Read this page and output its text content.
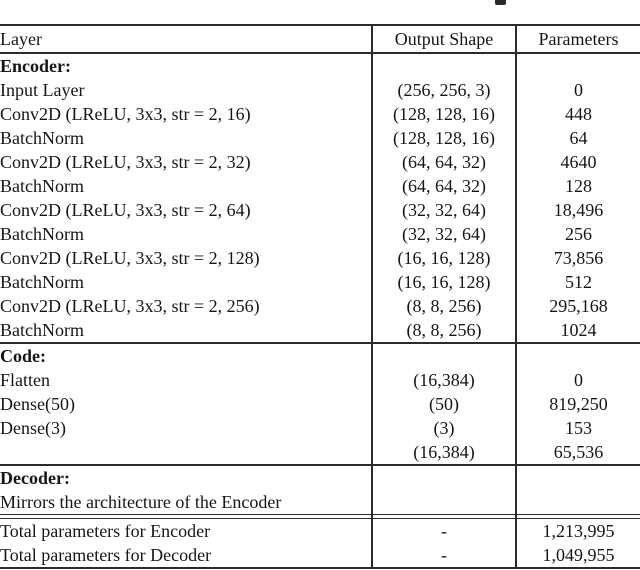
Layer	Output Shape	Parameters
Encoder:		
Input Layer	(256, 256, 3)	0
Conv2D (LReLU, 3x3, str = 2, 16)	(128, 128, 16)	448
BatchNorm	(128, 128, 16)	64
Conv2D (LReLU, 3x3, str = 2, 32)	(64, 64, 32)	4640
BatchNorm	(64, 64, 32)	128
Conv2D (LReLU, 3x3, str = 2, 64)	(32, 32, 64)	18,496
BatchNorm	(32, 32, 64)	256
Conv2D (LReLU, 3x3, str = 2, 128)	(16, 16, 128)	73,856
BatchNorm	(16, 16, 128)	512
Conv2D (LReLU, 3x3, str = 2, 256)	(8, 8, 256)	295,168
BatchNorm	(8, 8, 256)	1024
Code:		
Flatten	(16,384)	0
Dense(50)	(50)	819,250
Dense(3)	(3)	153
	(16,384)	65,536
Decoder:		
Mirrors the architecture of the Encoder		

Total parameters for Encoder	-	1,213,995
Total parameters for Decoder	-	1,049,955
